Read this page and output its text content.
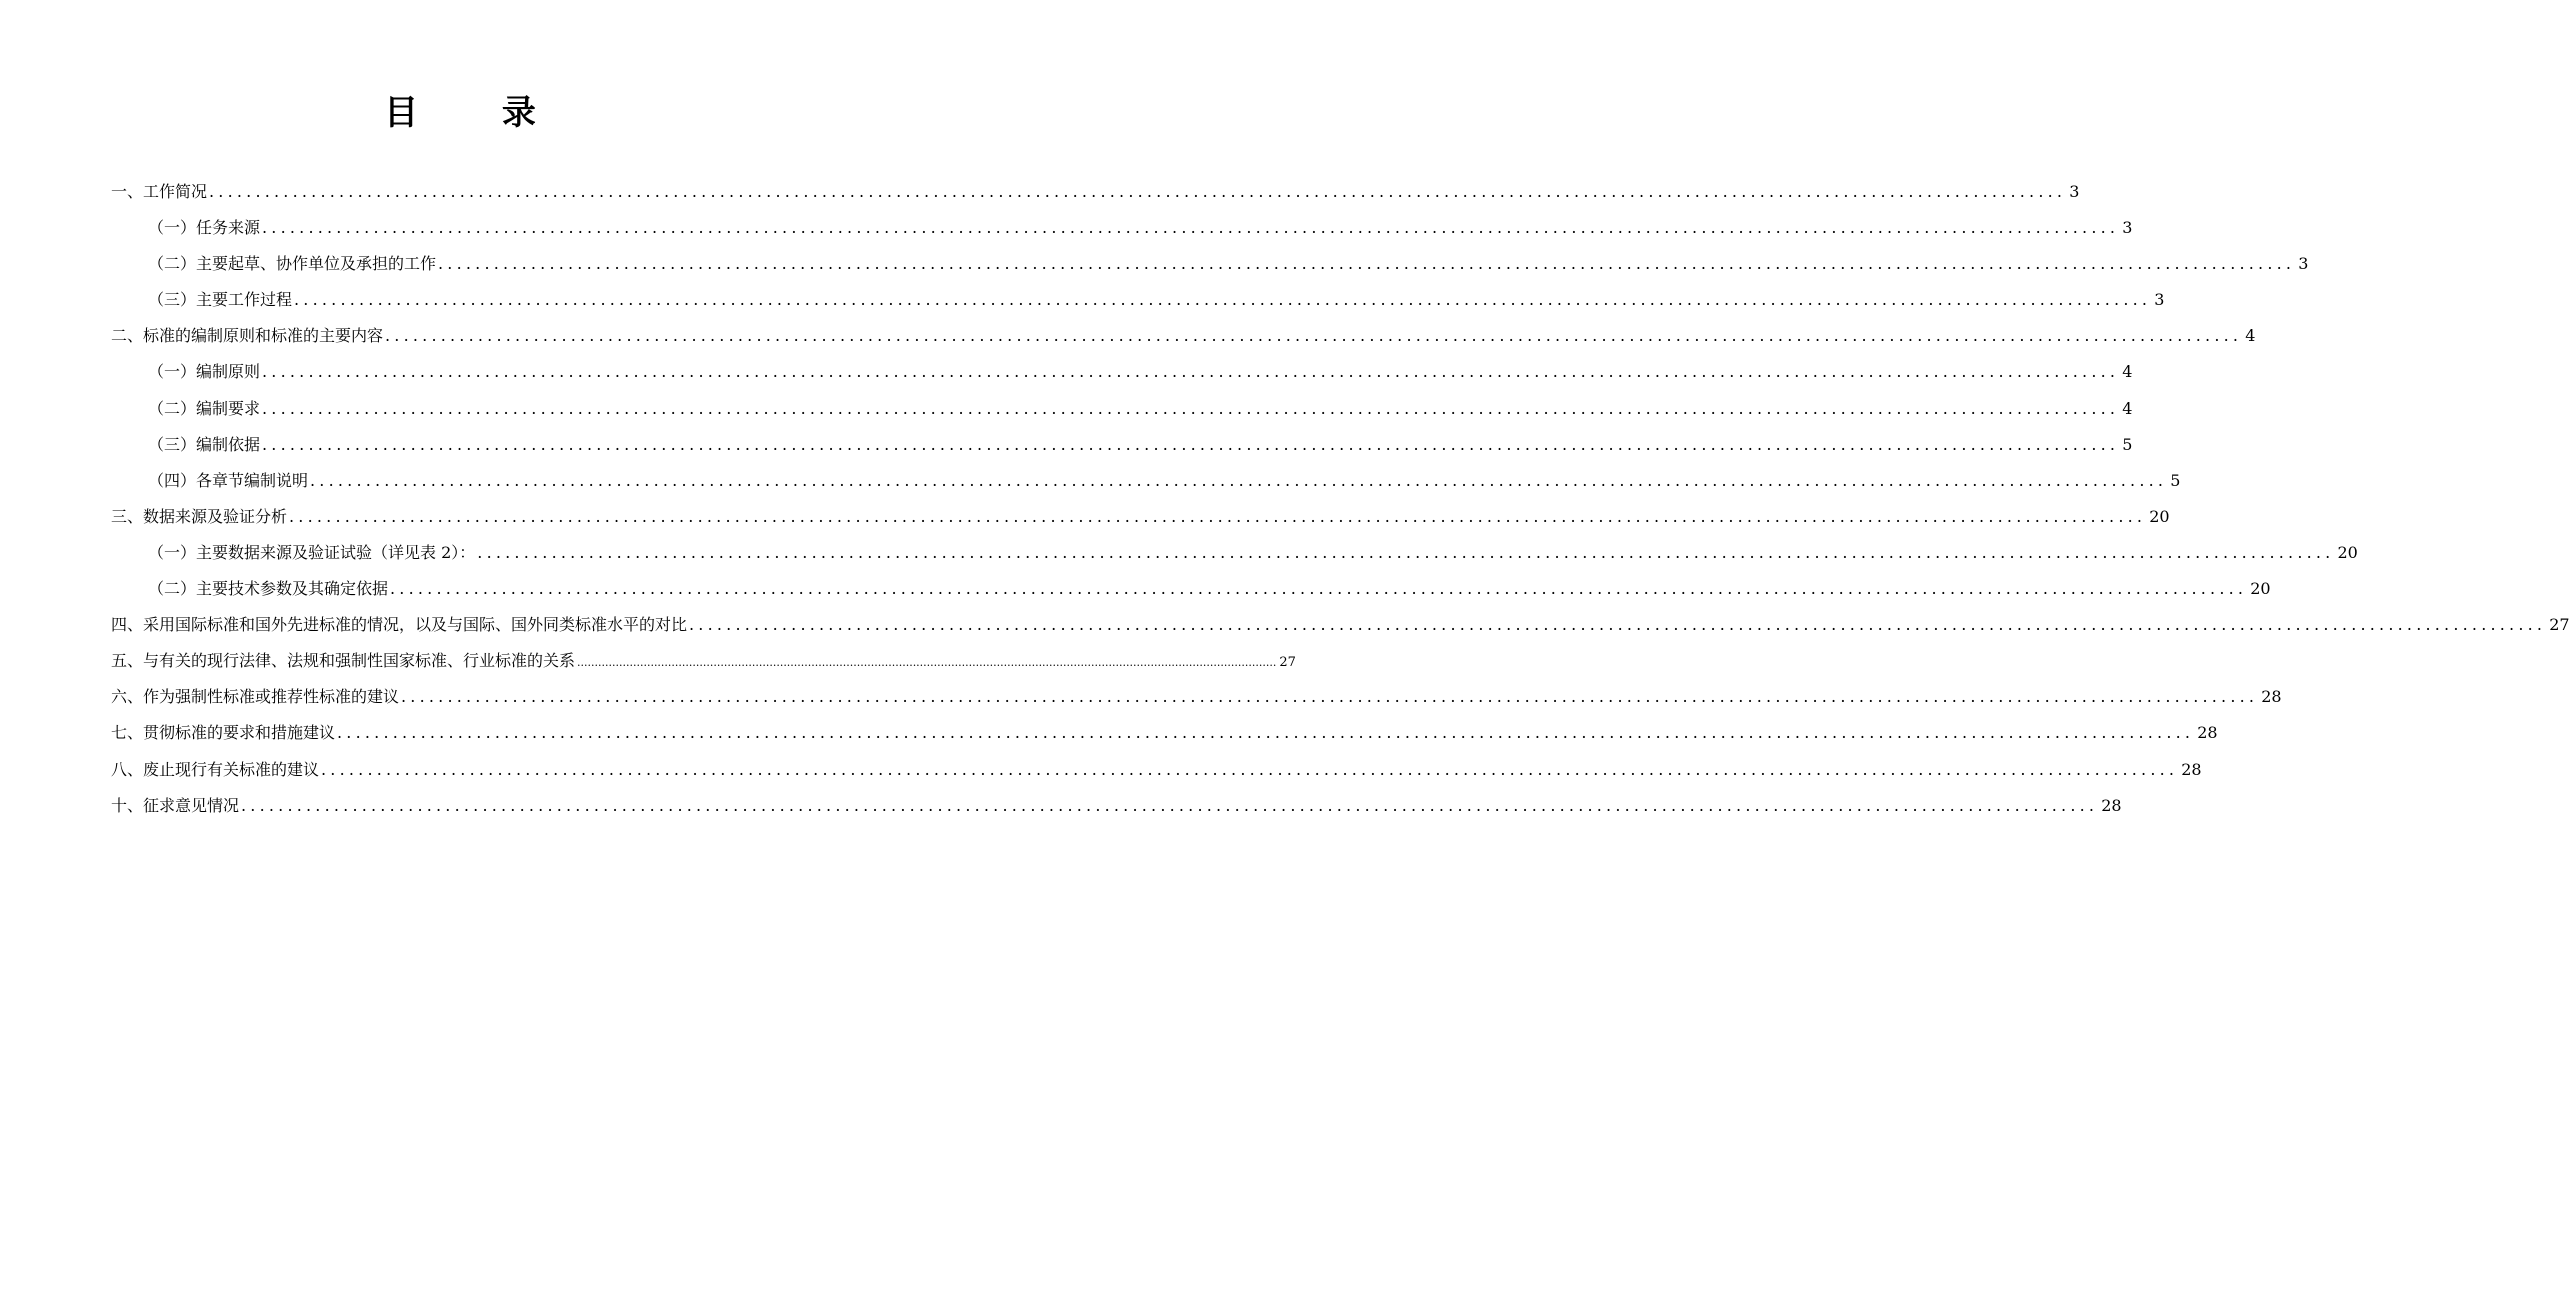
目 录
一、工作简况 ........................................................................................................................................................................................................ 3
（一）任务来源 ........................................................................................................................................................................................................ 3
（二）主要起草、协作单位及承担的工作 ........................................................................................................................................................................................................ 3
（三）主要工作过程 ........................................................................................................................................................................................................ 3
二、标准的编制原则和标准的主要内容 ........................................................................................................................................................................................................ 4
（一）编制原则 ........................................................................................................................................................................................................ 4
（二）编制要求 ........................................................................................................................................................................................................ 4
（三）编制依据 ........................................................................................................................................................................................................ 5
（四）各章节编制说明 ........................................................................................................................................................................................................ 5
三、数据来源及验证分析 ........................................................................................................................................................................................................ 20
（一）主要数据来源及验证试验（详见表 2）： ........................................................................................................................................................................................................ 20
（二）主要技术参数及其确定依据 ........................................................................................................................................................................................................ 20
四、采用国际标准和国外先进标准的情况，以及与国际、国外同类标准水平的对比 ........................................................................................................................................................................................................ 27
五、与有关的现行法律、法规和强制性国家标准、行业标准的关系 ........................................................................................................................................................................................................ 27
六、作为强制性标准或推荐性标准的建议 ........................................................................................................................................................................................................ 28
七、贯彻标准的要求和措施建议 ........................................................................................................................................................................................................ 28
八、废止现行有关标准的建议 ........................................................................................................................................................................................................ 28
十、征求意见情况 ........................................................................................................................................................................................................ 28
